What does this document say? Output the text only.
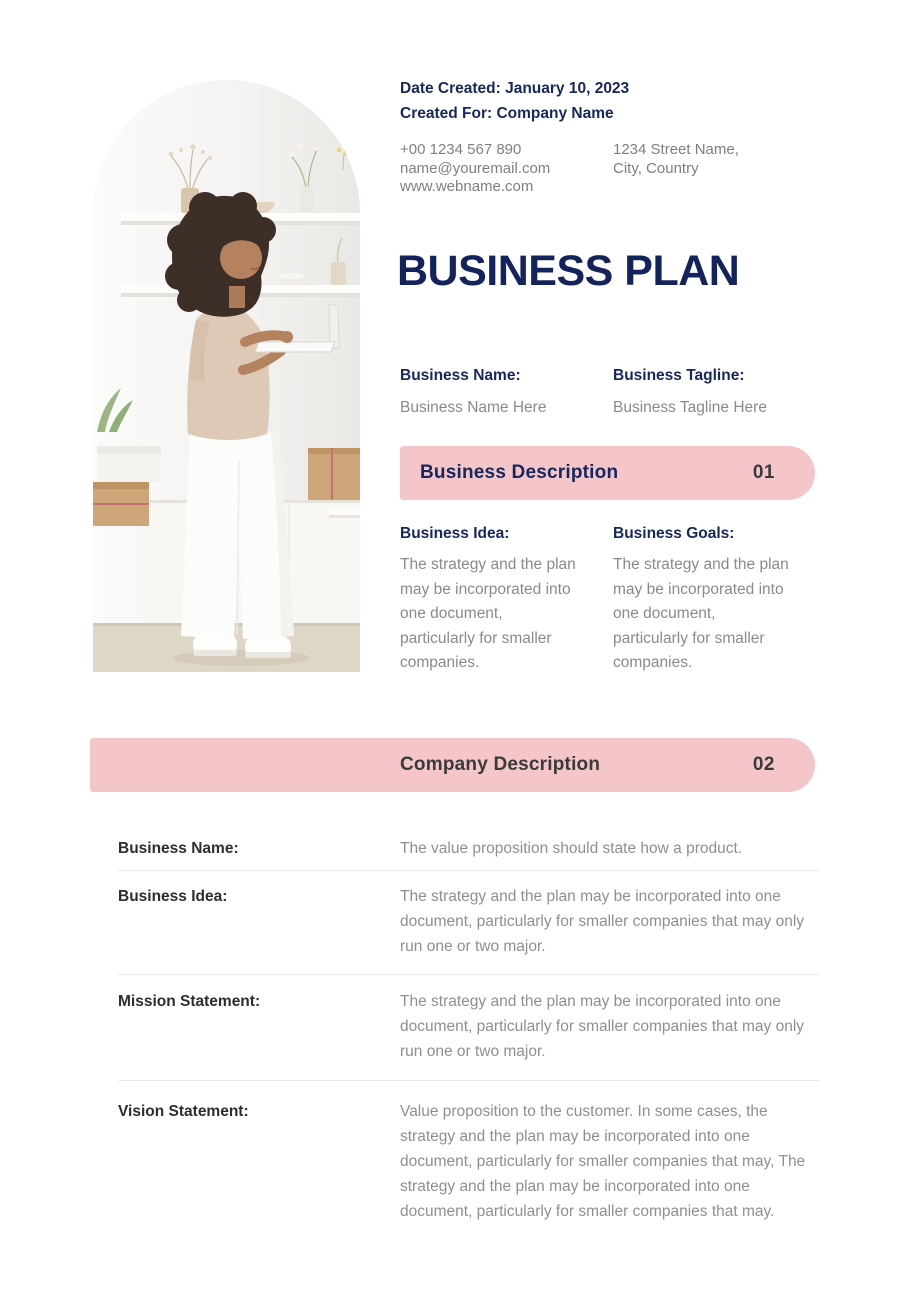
Date Created: January 10, 2023
Created For: Company Name
+00 1234 567 890
name@youremail.com
www.webname.com
1234 Street Name,
City, Country
BUSINESS PLAN
Business Name:
Business Name Here
Business Tagline:
Business Tagline Here
Business Description	01
Business Idea:
The strategy and the plan may be incorporated into one document, particularly for smaller companies.
Business Goals:
The strategy and the plan may be incorporated into one document, particularly for smaller companies.
Company Description	02
Business Name:	The value proposition should state how a product.
Business Idea:	The strategy and the plan may be incorporated into one document, particularly for smaller companies that may only run one or two major.
Mission Statement:	The strategy and the plan may be incorporated into one document, particularly for smaller companies that may only run one or two major.
Vision Statement:	Value proposition to the customer. In some cases, the strategy and the plan may be incorporated into one document, particularly for smaller companies that may, The strategy and the plan may be incorporated into one document, particularly for smaller companies that may.
